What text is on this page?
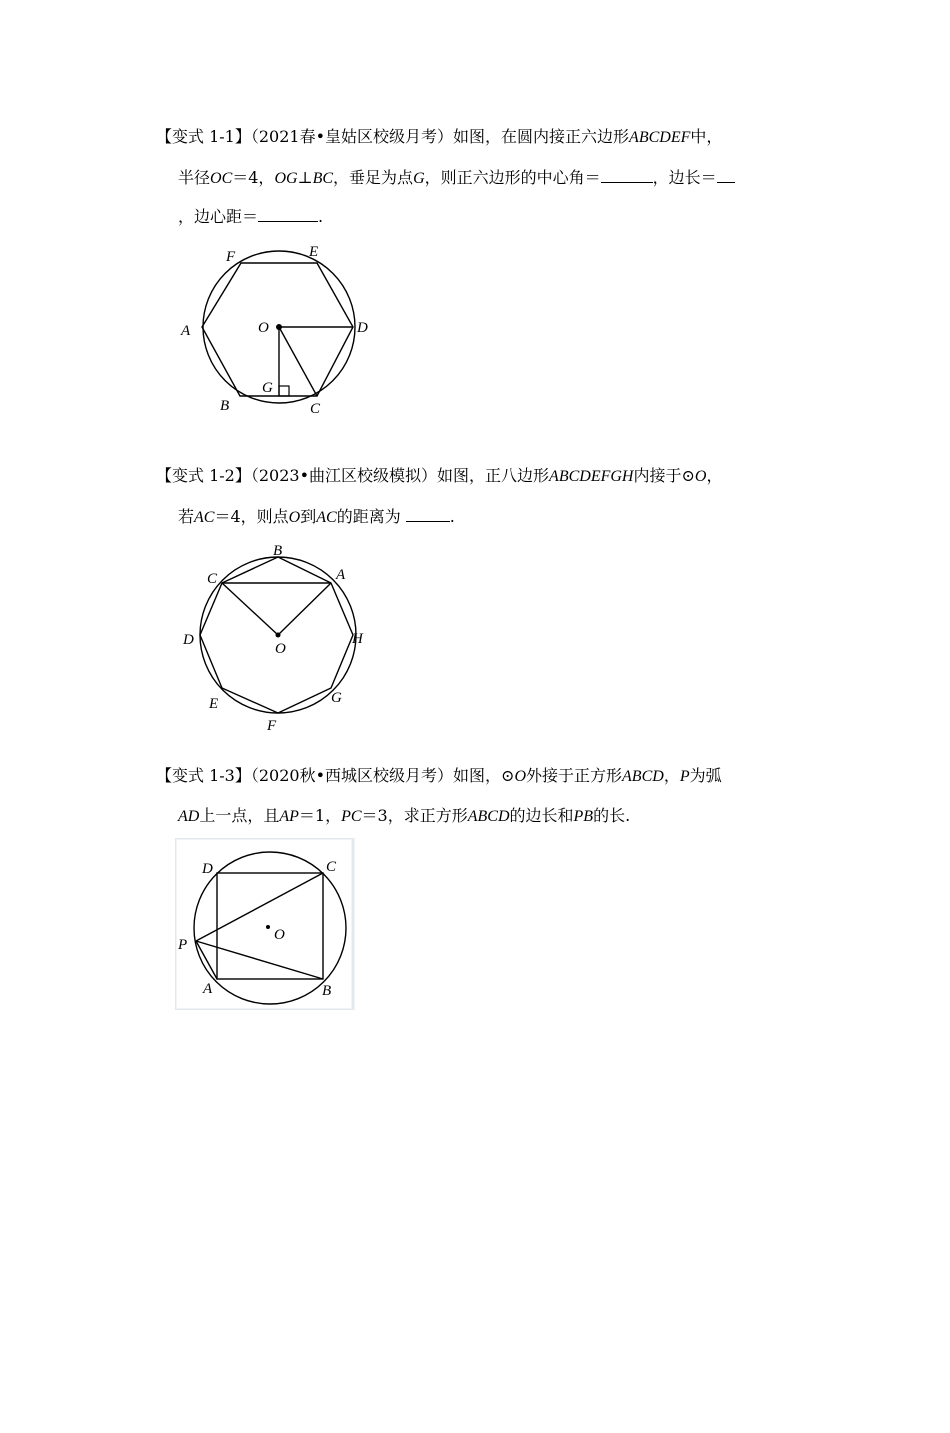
【变式 1-1】（2021春•皇姑区校级月考）如图，在圆内接正六边形ABCDEF中，
半径OC＝4，OG⊥BC，垂足为点G，则正六边形的中心角＝	，边长＝
，边心距＝	.
F	E
A	O	D
G
B	C
【变式 1-2】（2023•曲江区校级模拟）如图，正八边形ABCDEFGH内接于⊙O，
若AC＝4，则点O到AC的距离为	.
B
C	A
D	H
O
E	G
F
【变式 1-3】（2020秋•西城区校级月考）如图，⊙O外接于正方形ABCD，P为弧
AD上一点，且AP＝1，PC＝3，求正方形ABCD的边长和PB的长.
D	C
O
P
A	B
